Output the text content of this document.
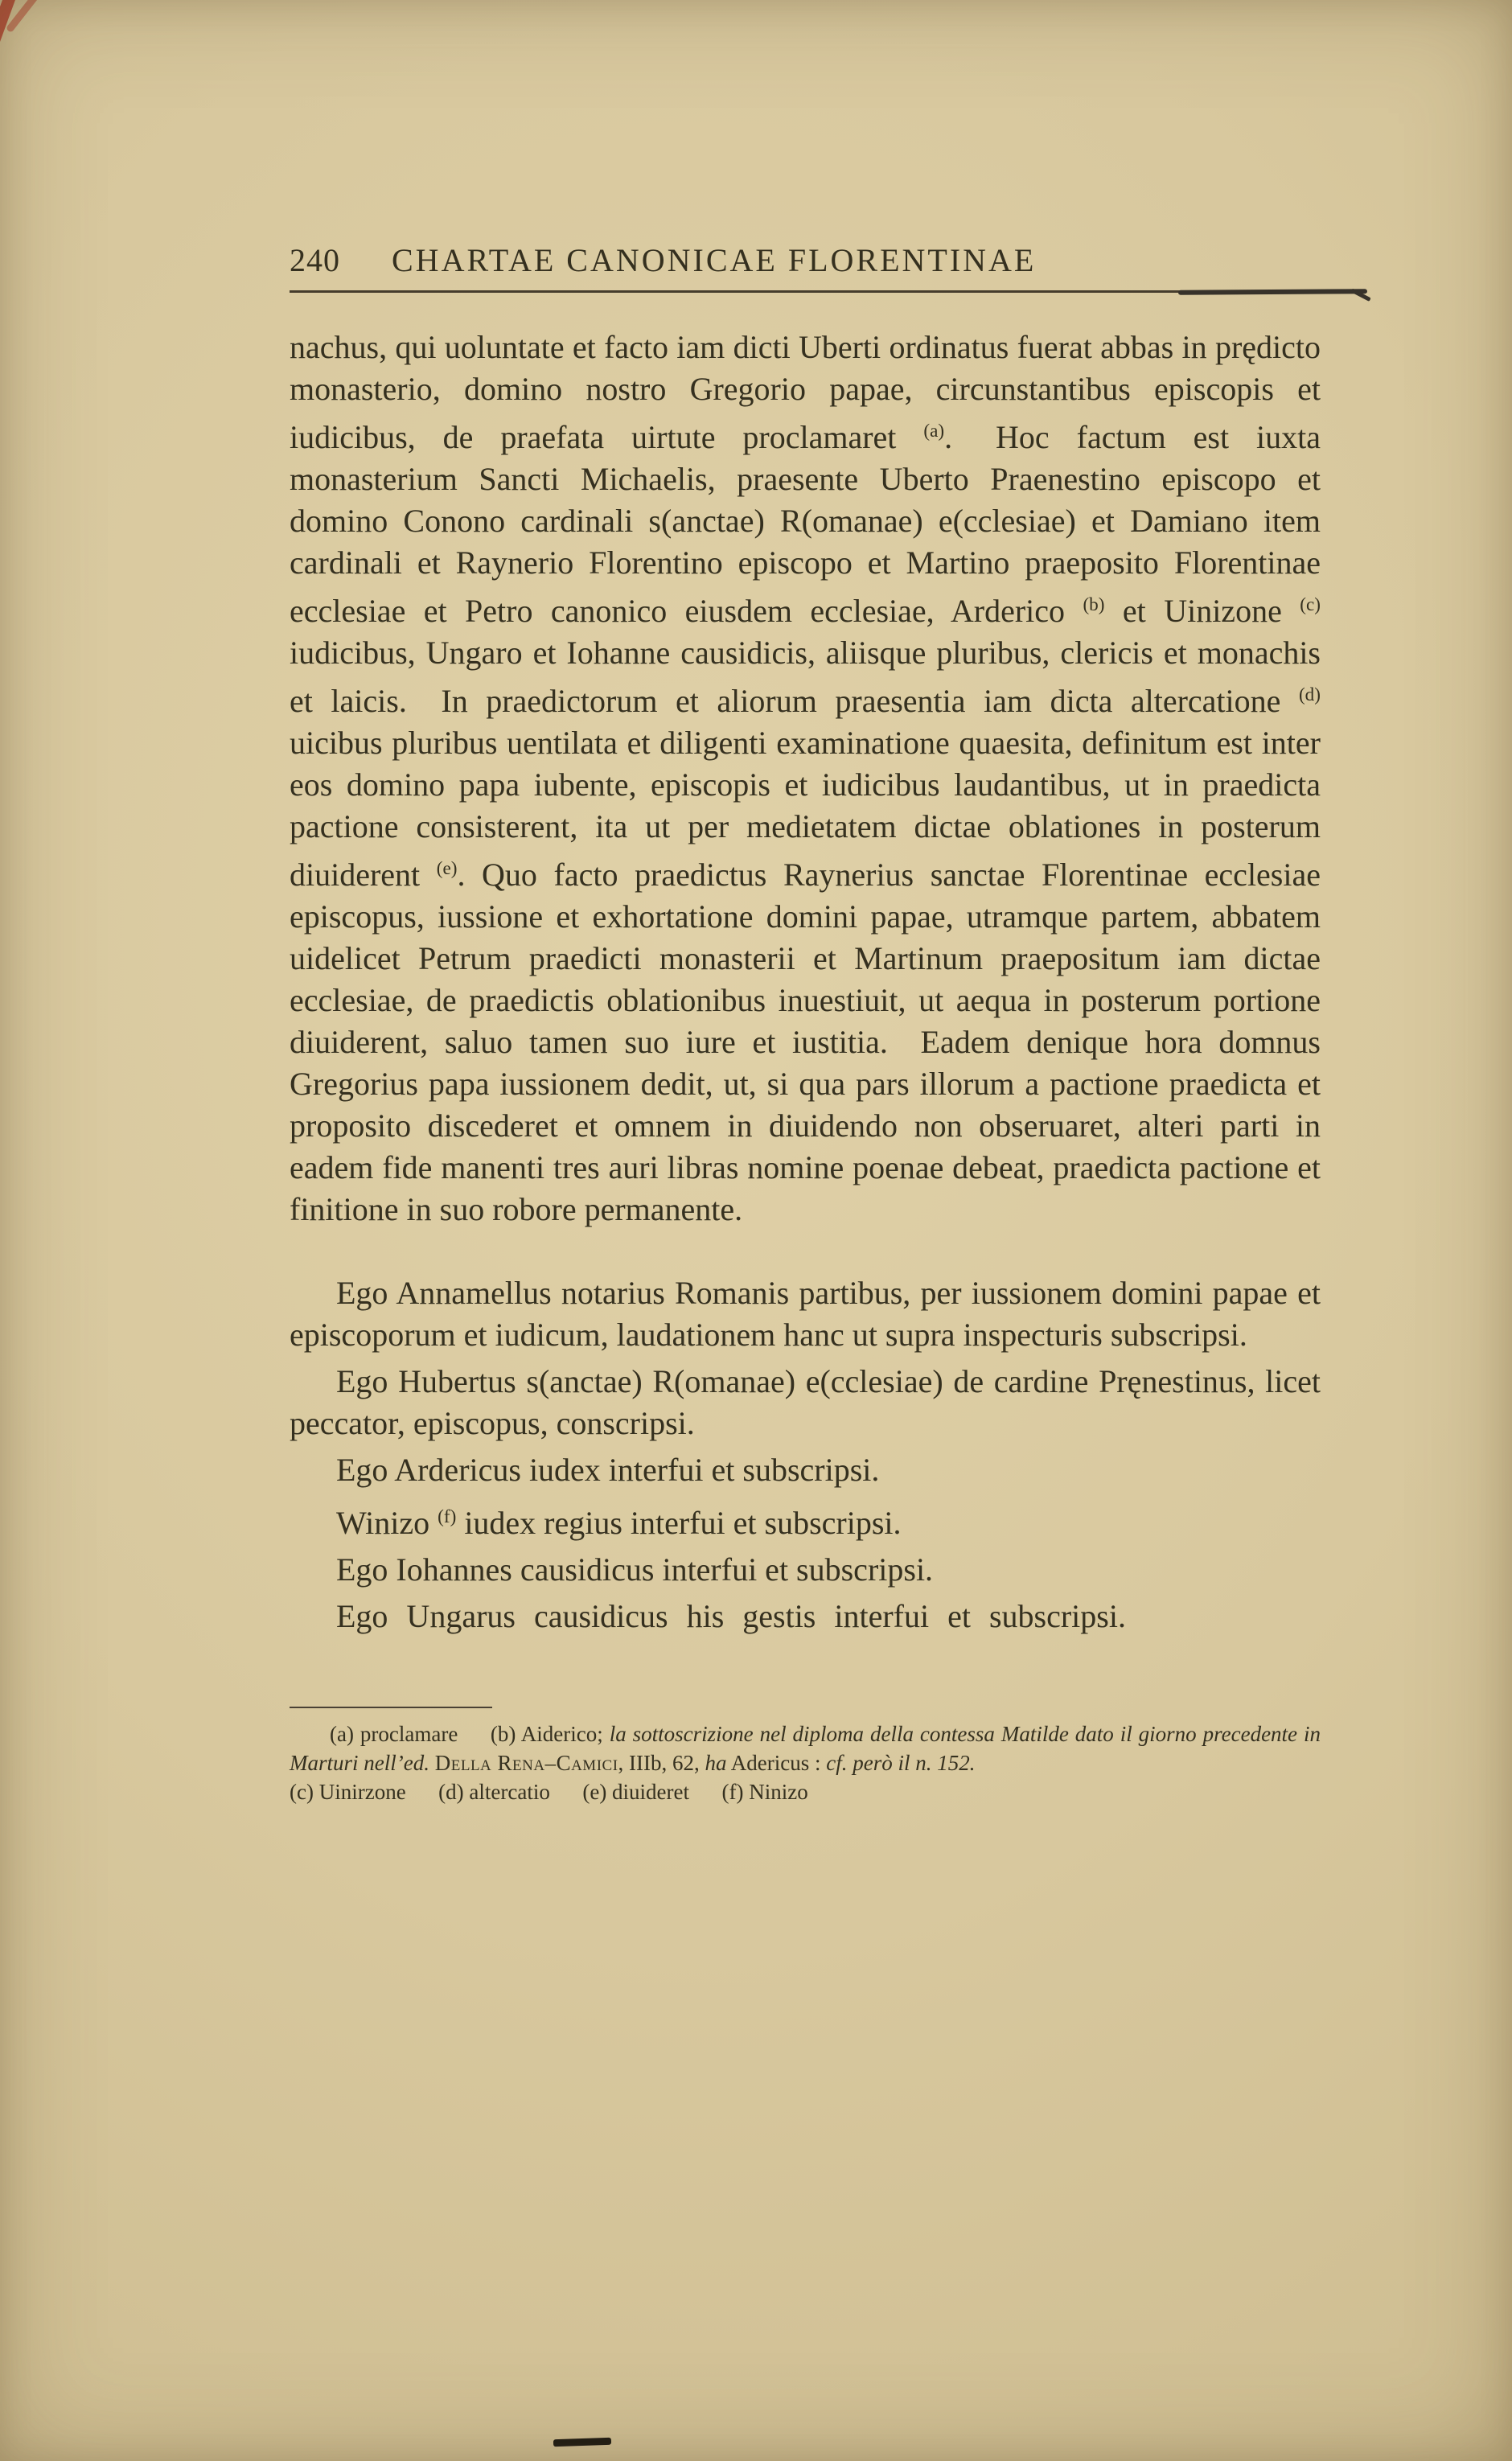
240 CHARTAE CANONICAE FLORENTINAE

nachus, qui uoluntate et facto iam dicti Uberti ordinatus fuerat abbas in prędicto monasterio, domino nostro Gregorio papae, circunstantibus episcopis et iudicibus, de praefata uirtute proclamaret $^{(a)}$.  Hoc factum est iuxta monasterium Sancti Michaelis, praesente Uberto Praenestino episcopo et domino Conono cardinali s(anctae) R(omanae) e(cclesiae) et Damiano item cardinali et Raynerio Florentino episcopo et Martino praeposito Florentinae ecclesiae et Petro canonico eiusdem ecclesiae, Arderico $^{(b)}$ et Uinizone $^{(c)}$ iudicibus, Ungaro et Iohanne causidicis, aliisque pluribus, clericis et monachis et laicis.  In praedictorum et aliorum praesentia iam dicta altercatione $^{(d)}$ uicibus pluribus uentilata et diligenti examinatione quaesita, definitum est inter eos domino papa iubente, episcopis et iudicibus laudantibus, ut in praedicta pactione consisterent, ita ut per medietatem dictae oblationes in posterum diuiderent $^{(e)}$. Quo facto praedictus Raynerius sanctae Florentinae ecclesiae episcopus, iussione et exhortatione domini papae, utramque partem, abbatem uidelicet Petrum praedicti monasterii et Martinum praepositum iam dictae ecclesiae, de praedictis oblationibus inuestiuit, ut aequa in posterum portione diuiderent, saluo tamen suo iure et iustitia.  Eadem denique hora domnus Gregorius papa iussionem dedit, ut, si qua pars illorum a pactione praedicta et proposito discederet et omnem in diuidendo non obseruaret, alteri parti in eadem fide manenti tres auri libras nomine poenae debeat, praedicta pactione et finitione in suo robore permanente.

Ego Annamellus notarius Romanis partibus, per iussionem domini papae et episcoporum et iudicum, laudationem hanc ut supra inspecturis subscripsi.

Ego Hubertus s(anctae) R(omanae) e(cclesiae) de cardine Pręnestinus, licet peccator, episcopus, conscripsi.

Ego Ardericus iudex interfui et subscripsi.

Winizo $^{(f)}$ iudex regius interfui et subscripsi.

Ego Iohannes causidicus interfui et subscripsi.

Ego Ungarus causidicus his gestis interfui et subscripsi.

(a) proclamare  (b) Aiderico; la sottoscrizione nel diploma della contessa Matilde dato il giorno precedente in Marturi nell’ed. Della Rena–Camici, IIIb, 62, ha Adericus : cf. però il n. 152.

(c) Uinirzone  (d) altercatio  (e) diuideret  (f) Ninizo
